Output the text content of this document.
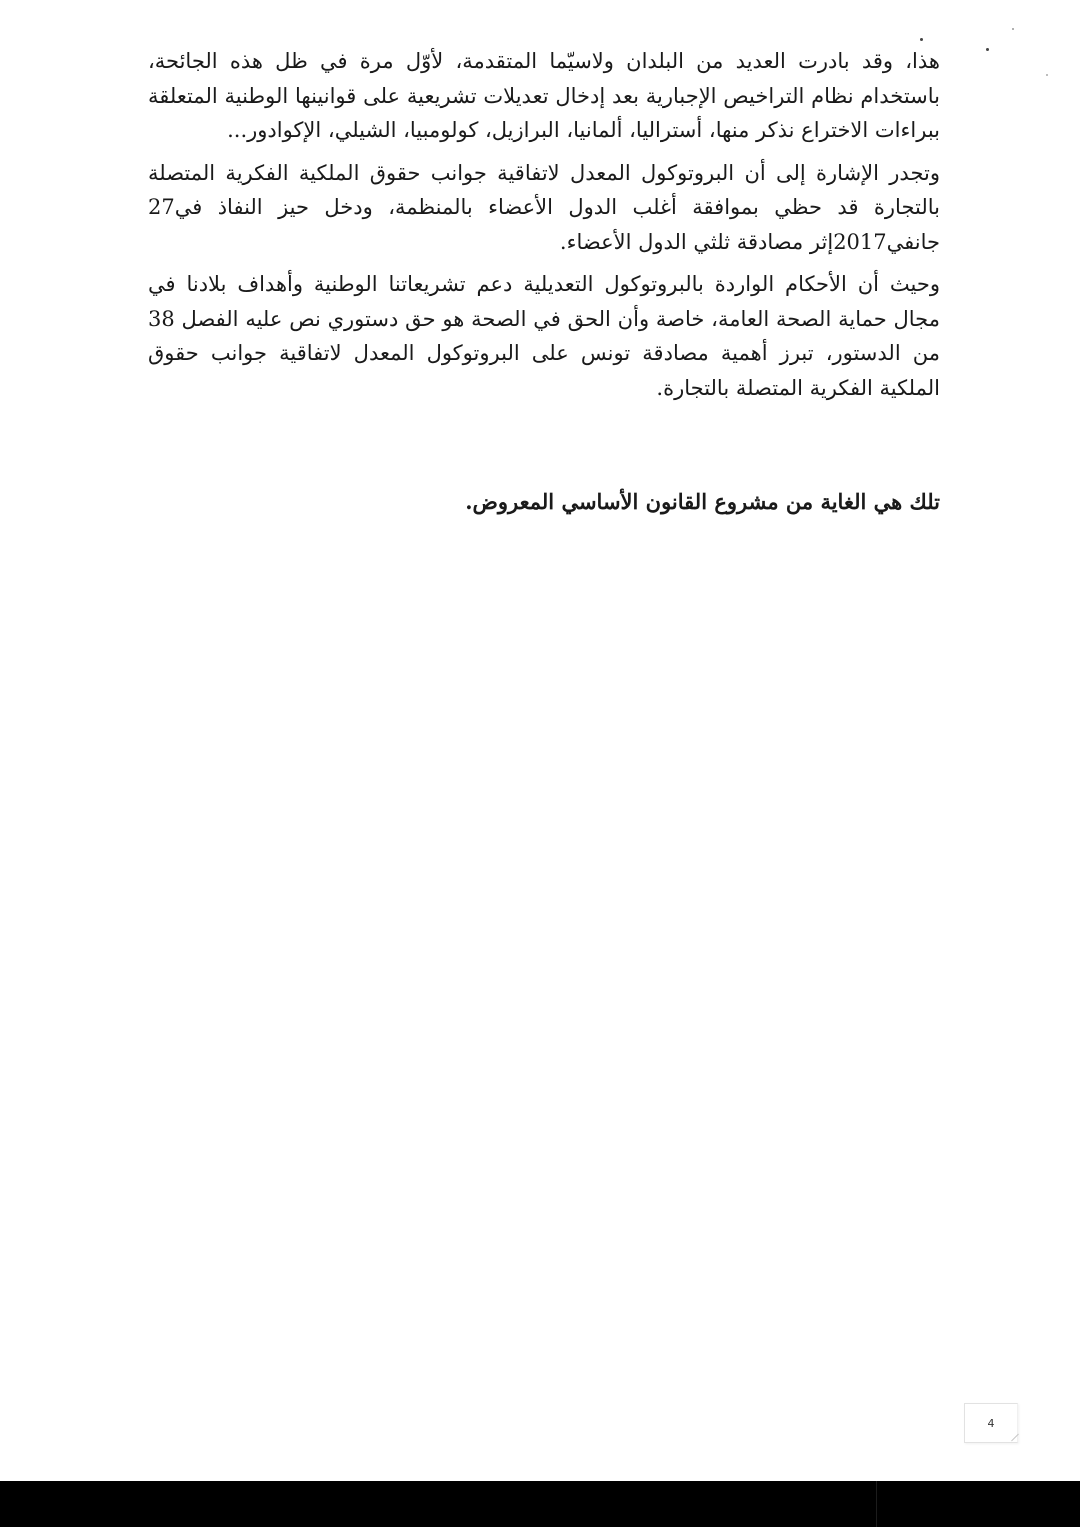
هذا، وقد بادرت العديد من البلدان ولاسيّما المتقدمة، لأوّل مرة في ظل هذه الجائحة، باستخدام نظام التراخيص الإجبارية بعد إدخال تعديلات تشريعية على قوانينها الوطنية المتعلقة ببراءات الاختراع نذكر منها، أستراليا، ألمانيا، البرازيل، كولومبيا، الشيلي، الإكوادور...

وتجدر الإشارة إلى أن البروتوكول المعدل لاتفاقية جوانب حقوق الملكية الفكرية المتصلة بالتجارة قد حظي بموافقة أغلب الدول الأعضاء بالمنظمة، ودخل حيز النفاذ في27 جانفي2017إثر مصادقة ثلثي الدول الأعضاء.

وحيث أن الأحكام الواردة بالبروتوكول التعديلية دعم تشريعاتنا الوطنية وأهداف بلادنا في مجال حماية الصحة العامة، خاصة وأن الحق في الصحة هو حق دستوري نص عليه الفصل 38 من الدستور، تبرز أهمية مصادقة تونس على البروتوكول المعدل لاتفاقية جوانب حقوق الملكية الفكرية المتصلة بالتجارة.

تلك هي الغاية من مشروع القانون الأساسي المعروض.
4
